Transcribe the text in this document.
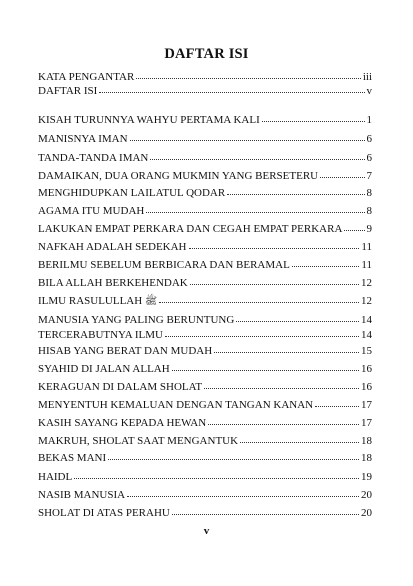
DAFTAR ISI
KATA PENGANTAR	iii
DAFTAR ISI	v
KISAH TURUNNYA WAHYU PERTAMA KALI	1
MANISNYA IMAN	6
TANDA-TANDA IMAN	6
DAMAIKAN, DUA ORANG MUKMIN YANG BERSETERU	7
MENGHIDUPKAN LAILATUL QODAR	8
AGAMA ITU MUDAH	8
LAKUKAN EMPAT PERKARA DAN CEGAH EMPAT PERKARA 9
NAFKAH ADALAH SEDEKAH	11
BERILMU SEBELUM BERBICARA DAN BERAMAL	11
BILA ALLAH BERKEHENDAK	12
ILMU RASULULLAH ﷺ	12
MANUSIA YANG PALING BERUNTUNG	14
TERCERABUTNYA ILMU	14
HISAB YANG BERAT DAN MUDAH	15
SYAHID DI JALAN ALLAH	16
KERAGUAN DI DALAM SHOLAT	16
MENYENTUH KEMALUAN DENGAN TANGAN KANAN	17
KASIH SAYANG KEPADA HEWAN	17
MAKRUH, SHOLAT SAAT MENGANTUK	18
BEKAS MANI	18
HAIDL	19
NASIB MANUSIA	20
SHOLAT DI ATAS PERAHU	20
v
